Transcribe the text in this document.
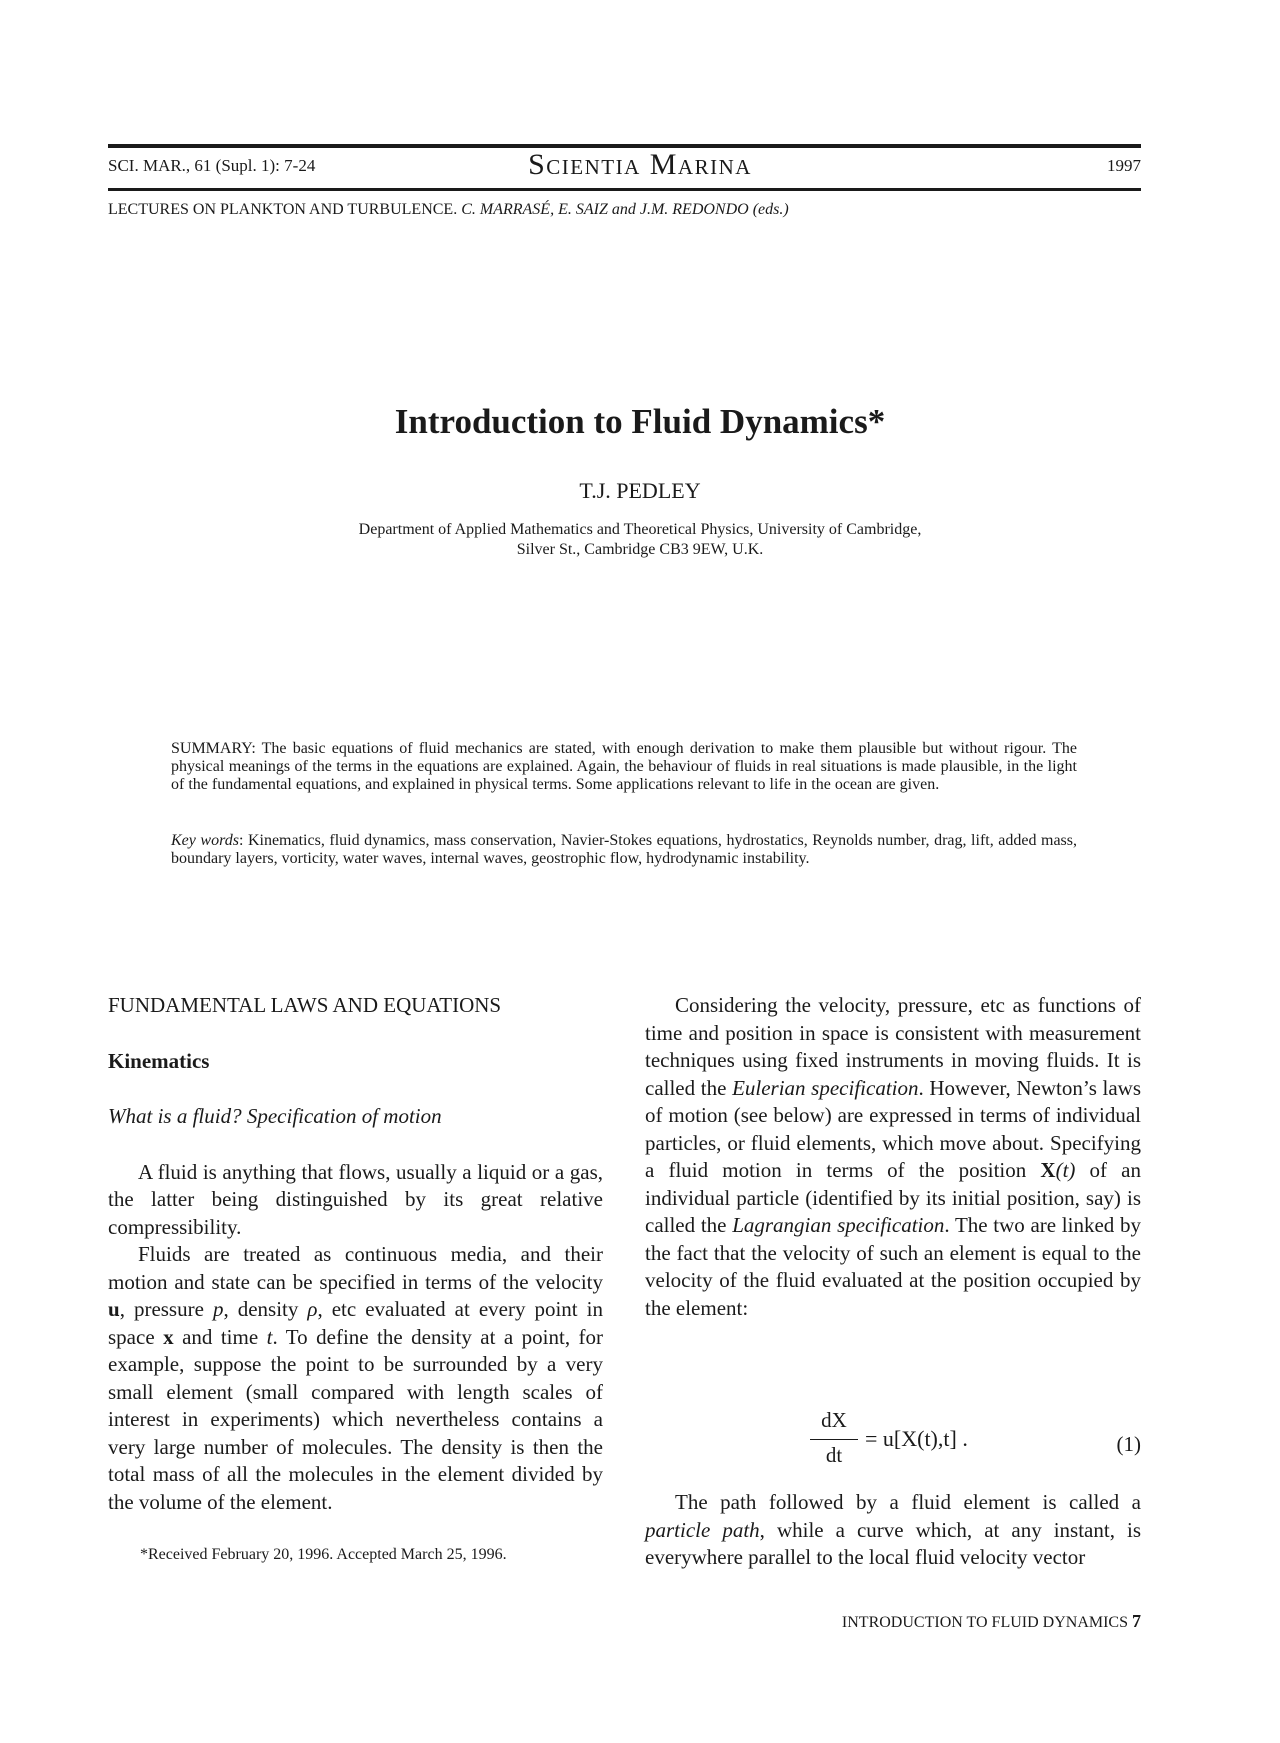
SCI. MAR., 61 (Supl. 1): 7-24	Scientia Marina	1997
LECTURES ON PLANKTON AND TURBULENCE. C. MARRASÉ, E. SAIZ and J.M. REDONDO (eds.)
Introduction to Fluid Dynamics*
T.J. PEDLEY
Department of Applied Mathematics and Theoretical Physics, University of Cambridge,
Silver St., Cambridge CB3 9EW, U.K.
SUMMARY: The basic equations of fluid mechanics are stated, with enough derivation to make them plausible but without rigour. The physical meanings of the terms in the equations are explained. Again, the behaviour of fluids in real situations is made plausible, in the light of the fundamental equations, and explained in physical terms. Some applications relevant to life in the ocean are given.
Key words: Kinematics, fluid dynamics, mass conservation, Navier-Stokes equations, hydrostatics, Reynolds number, drag, lift, added mass, boundary layers, vorticity, water waves, internal waves, geostrophic flow, hydrodynamic instability.

FUNDAMENTAL LAWS AND EQUATIONS

Kinematics

What is a fluid? Specification of motion

A fluid is anything that flows, usually a liquid or a gas, the latter being distinguished by its great relative compressibility.

Fluids are treated as continuous media, and their motion and state can be specified in terms of the velocity u, pressure p, density ρ, etc evaluated at every point in space x and time t. To define the density at a point, for example, suppose the point to be surrounded by a very small element (small compared with length scales of interest in experiments) which nevertheless contains a very large number of molecules. The density is then the total mass of all the molecules in the element divided by the volume of the element.

Considering the velocity, pressure, etc as functions of time and position in space is consistent with measurement techniques using fixed instruments in moving fluids. It is called the Eulerian specification. However, Newton’s laws of motion (see below) are expressed in terms of individual particles, or fluid elements, which move about. Specifying a fluid motion in terms of the position X(t) of an individual particle (identified by its initial position, say) is called the Lagrangian specification. The two are linked by the fact that the velocity of such an element is equal to the velocity of the fluid evaluated at the position occupied by the element:

dX
dt
= u[X(t),t] .	(1)

The path followed by a fluid element is called a particle path, while a curve which, at any instant, is everywhere parallel to the local fluid velocity vector

*Received February 20, 1996. Accepted March 25, 1996.
INTRODUCTION TO FLUID DYNAMICS 7
